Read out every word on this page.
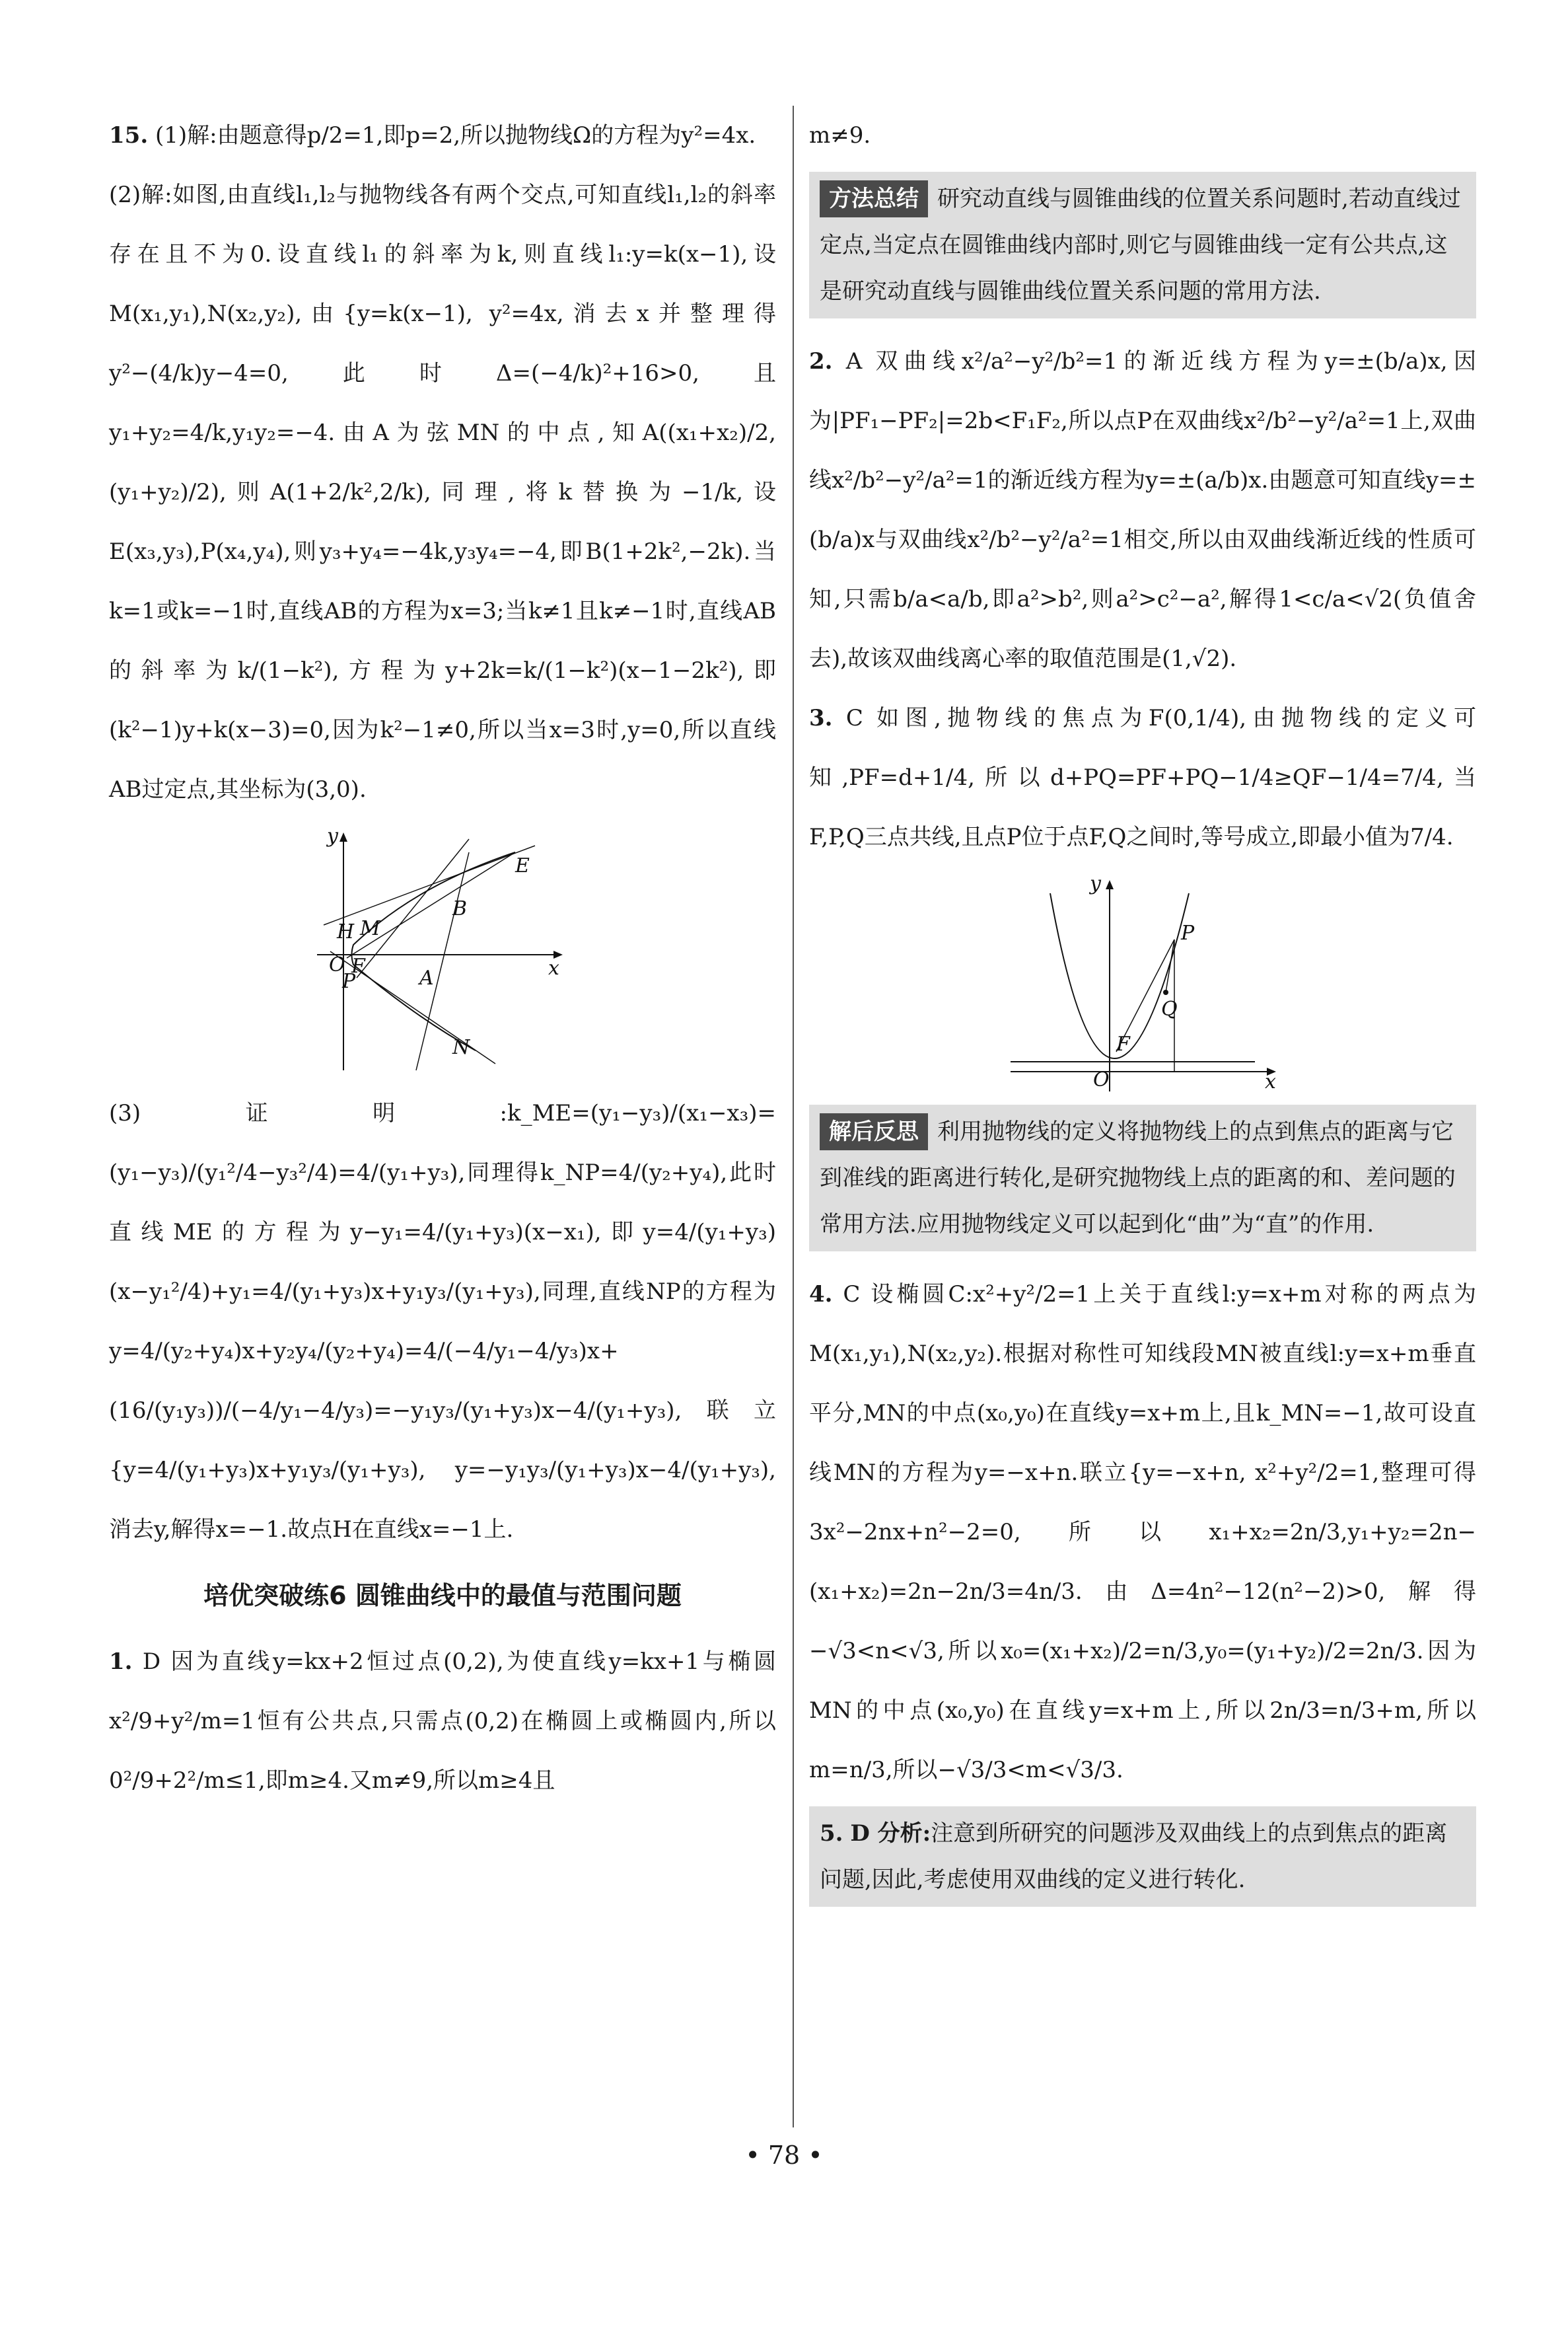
15. (1)解:由题意得p/2=1,即p=2,所以抛物线Ω的方程为y²=4x.

(2)解:如图,由直线l₁,l₂与抛物线各有两个交点,可知直线l₁,l₂的斜率存在且不为0.设直线l₁的斜率为k,则直线l₁:y=k(x−1),设M(x₁,y₁),N(x₂,y₂),由{y=k(x−1), y²=4x,消去x并整理得y²−(4/k)y−4=0,此时Δ=(−4/k)²+16>0,且y₁+y₂=4/k,y₁y₂=−4.由A为弦MN的中点,知A((x₁+x₂)/2,(y₁+y₂)/2),则A(1+2/k²,2/k),同理,将k替换为−1/k,设E(x₃,y₃),P(x₄,y₄),则y₃+y₄=−4k,y₃y₄=−4,即B(1+2k²,−2k).当k=1或k=−1时,直线AB的方程为x=3;当k≠1且k≠−1时,直线AB的斜率为k/(1−k²),方程为y+2k=k/(1−k²)(x−1−2k²),即(k²−1)y+k(x−3)=0,因为k²−1≠0,所以当x=3时,y=0,所以直线AB过定点,其坐标为(3,0).

y
E
H M
B
O F	x
P	A
N

(3)证明:k_ME=(y₁−y₃)/(x₁−x₃)=(y₁−y₃)/(y₁²/4−y₃²/4)=4/(y₁+y₃),同理得k_NP=4/(y₂+y₄),此时直线ME的方程为y−y₁=4/(y₁+y₃)(x−x₁),即y=4/(y₁+y₃)(x−y₁²/4)+y₁=4/(y₁+y₃)x+y₁y₃/(y₁+y₃),同理,直线NP的方程为y=4/(y₂+y₄)x+y₂y₄/(y₂+y₄)=4/(−4/y₁−4/y₃)x+(16/(y₁y₃))/(−4/y₁−4/y₃)=−y₁y₃/(y₁+y₃)x−4/(y₁+y₃),联立{y=4/(y₁+y₃)x+y₁y₃/(y₁+y₃), y=−y₁y₃/(y₁+y₃)x−4/(y₁+y₃),消去y,解得x=−1.故点H在直线x=−1上.

培优突破练6 圆锥曲线中的最值与范围问题

1. D 因为直线y=kx+2恒过点(0,2),为使直线y=kx+1与椭圆x²/9+y²/m=1恒有公共点,只需点(0,2)在椭圆上或椭圆内,所以0²/9+2²/m≤1,即m≥4.又m≠9,所以m≥4且

m≠9.

方法总结 研究动直线与圆锥曲线的位置关系问题时,若动直线过定点,当定点在圆锥曲线内部时,则它与圆锥曲线一定有公共点,这是研究动直线与圆锥曲线位置关系问题的常用方法.

2. A 双曲线x²/a²−y²/b²=1的渐近线方程为y=±(b/a)x,因为|PF₁−PF₂|=2b<F₁F₂,所以点P在双曲线x²/b²−y²/a²=1上,双曲线x²/b²−y²/a²=1的渐近线方程为y=±(a/b)x.由题意可知直线y=±(b/a)x与双曲线x²/b²−y²/a²=1相交,所以由双曲线渐近线的性质可知,只需b/a<a/b,即a²>b²,则a²>c²−a²,解得1<c/a<√2(负值舍去),故该双曲线离心率的取值范围是(1,√2).

3. C 如图,抛物线的焦点为F(0,1/4),由抛物线的定义可知,PF=d+1/4,所以d+PQ=PF+PQ−1/4≥QF−1/4=7/4,当F,P,Q三点共线,且点P位于点F,Q之间时,等号成立,即最小值为7/4.

y
P
Q
F
O	x
解后反思 利用抛物线的定义将抛物线上的点到焦点的距离与它到准线的距离进行转化,是研究抛物线上点的距离的和、差问题的常用方法.应用抛物线定义可以起到化“曲”为“直”的作用.

4. C 设椭圆C:x²+y²/2=1上关于直线l:y=x+m对称的两点为M(x₁,y₁),N(x₂,y₂).根据对称性可知线段MN被直线l:y=x+m垂直平分,MN的中点(x₀,y₀)在直线y=x+m上,且k_MN=−1,故可设直线MN的方程为y=−x+n.联立{y=−x+n, x²+y²/2=1,整理可得3x²−2nx+n²−2=0,所以x₁+x₂=2n/3,y₁+y₂=2n−(x₁+x₂)=2n−2n/3=4n/3.由Δ=4n²−12(n²−2)>0,解得−√3<n<√3,所以x₀=(x₁+x₂)/2=n/3,y₀=(y₁+y₂)/2=2n/3.因为MN的中点(x₀,y₀)在直线y=x+m上,所以2n/3=n/3+m,所以m=n/3,所以−√3/3<m<√3/3.

5. D 分析:注意到所研究的问题涉及双曲线上的点到焦点的距离问题,因此,考虑使用双曲线的定义进行转化.
• 78 •
